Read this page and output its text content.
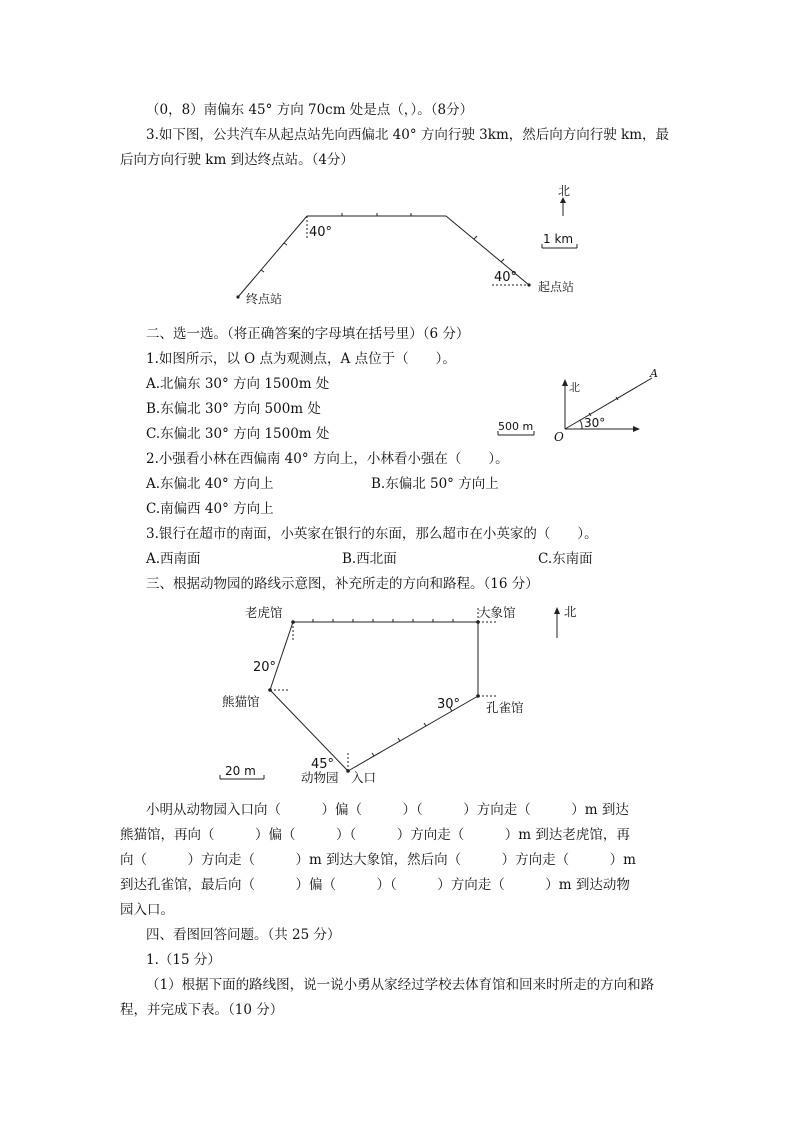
（0，8）南偏东 45° 方向 70cm 处是点（，）。（8分）
3.如下图，公共汽车从起点站先向西偏北 40° 方向行驶 3km，然后向方向行驶 km，最
后向方向行驶 km 到达终点站。（4分）
北
1 km
40°
40°
起点站
终点站
二、选一选。（将正确答案的字母填在括号里）（6 分）
1.如图所示，以 O 点为观测点，A 点位于（　　）。
A.北偏东 30° 方向 1500m 处
B.东偏北 30° 方向 500m 处
C.东偏北 30° 方向 1500m 处
北
A
O
30°
500 m
2.小强看小林在西偏南 40° 方向上，小林看小强在（　　）。
A.东偏北 40° 方向上	B.东偏北 50° 方向上
C.南偏西 40° 方向上
3.银行在超市的南面，小英家在银行的东面，那么超市在小英家的（　　）。
A.西南面	B.西北面	C.东南面
三、根据动物园的路线示意图，补充所走的方向和路程。（16 分）
老虎馆	大象馆	北
熊猫馆	孔雀馆
动物园 入口
20°
30°
45°
20 m
小明从动物园入口向（　　　）偏（　　　）（　　　）方向走（　　　）m 到达
熊猫馆，再向（　　　）偏（　　　）（　　　）方向走（　　　）m 到达老虎馆，再
向（　　　）方向走（　　　）m 到达大象馆，然后向（　　　）方向走（　　　）m
到达孔雀馆，最后向（　　　）偏（　　　）（　　　）方向走（　　　）m 到达动物
园入口。
四、看图回答问题。（共 25 分）
1.（15 分）
（1）根据下面的路线图，说一说小勇从家经过学校去体育馆和回来时所走的方向和路
程，并完成下表。（10 分）
